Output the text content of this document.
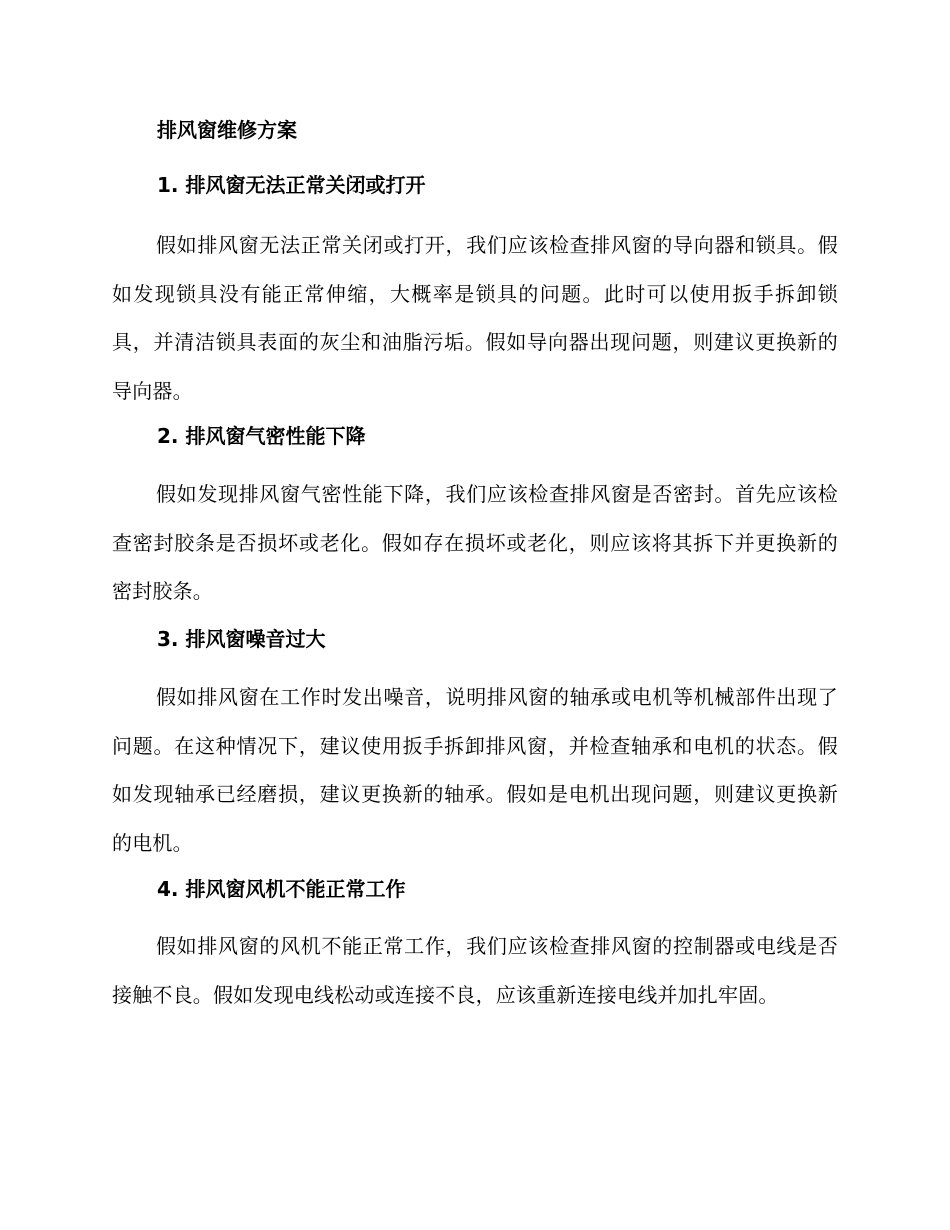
排风窗维修方案
1. 排风窗无法正常关闭或打开

假如排风窗无法正常关闭或打开，我们应该检查排风窗的导向器和锁具。假如发现锁具没有能正常伸缩，大概率是锁具的问题。此时可以使用扳手拆卸锁具，并清洁锁具表面的灰尘和油脂污垢。假如导向器出现问题，则建议更换新的导向器。

2. 排风窗气密性能下降

假如发现排风窗气密性能下降，我们应该检查排风窗是否密封。首先应该检查密封胶条是否损坏或老化。假如存在损坏或老化，则应该将其拆下并更换新的密封胶条。

3. 排风窗噪音过大

假如排风窗在工作时发出噪音，说明排风窗的轴承或电机等机械部件出现了问题。在这种情况下，建议使用扳手拆卸排风窗，并检查轴承和电机的状态。假如发现轴承已经磨损，建议更换新的轴承。假如是电机出现问题，则建议更换新的电机。

4. 排风窗风机不能正常工作

假如排风窗的风机不能正常工作，我们应该检查排风窗的控制器或电线是否接触不良。假如发现电线松动或连接不良，应该重新连接电线并加扎牢固。
